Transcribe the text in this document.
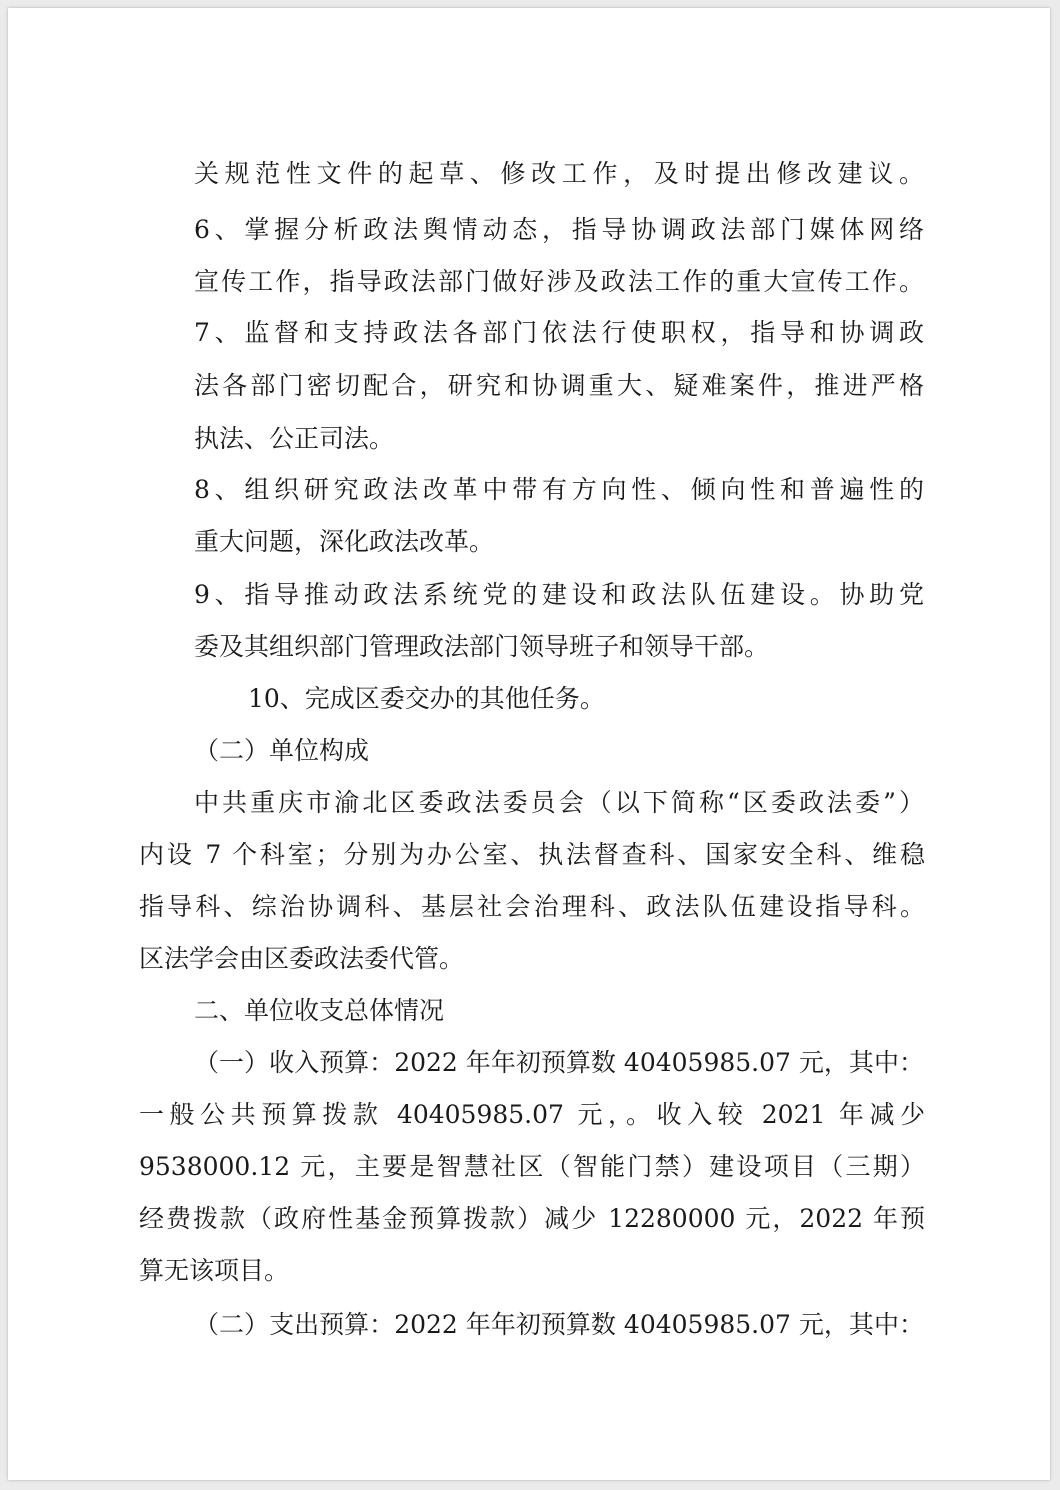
关规范性文件的起草、修改工作，及时提出修改建议。

6、掌握分析政法舆情动态，指导协调政法部门媒体网络

宣传工作，指导政法部门做好涉及政法工作的重大宣传工作。

7、监督和支持政法各部门依法行使职权，指导和协调政

法各部门密切配合，研究和协调重大、疑难案件，推进严格

执法、公正司法。

8、组织研究政法改革中带有方向性、倾向性和普遍性的

重大问题，深化政法改革。

9、指导推动政法系统党的建设和政法队伍建设。协助党

委及其组织部门管理政法部门领导班子和领导干部。

10、完成区委交办的其他任务。

（二）单位构成

中共重庆市渝北区委政法委员会（以下简称“区委政法委”）

内设 7 个科室；分别为办公室、执法督查科、国家安全科、维稳

指导科、综治协调科、基层社会治理科、政法队伍建设指导科。

区法学会由区委政法委代管。

二、单位收支总体情况

（一）收入预算：2022 年年初预算数 40405985.07 元，其中：

一般公共预算拨款 40405985.07 元，。收入较 2021 年减少

9538000.12 元，主要是智慧社区（智能门禁）建设项目（三期）

经费拨款（政府性基金预算拨款）减少 12280000 元，2022 年预

算无该项目。

（二）支出预算：2022 年年初预算数 40405985.07 元，其中：
